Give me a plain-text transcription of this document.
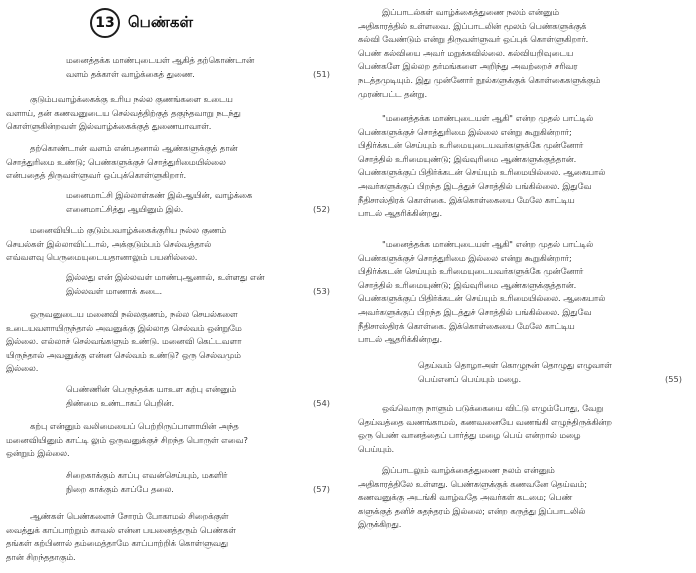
13 பெண்கள்
மனைத்தக்க மாண்புடையள் ஆகித் தற்கொண்டான்
வளம் தக்காள் வாழ்க்கைத் துணை.	(51)
குடும்பவாழ்க்கைக்கு உரிய நல்ல குணங்களை உடைய
வளாய், தன் கணவனுடைய செல்வத்திற்குத் தகுந்தவாறு நடந்து
கொள்ளுகின்றவள் இல்வாழ்க்கைக்குத் துணையாவாள்.
தற்கொண்டான் வளம் என்பதனால் ஆண்களுக்குத் தான்
சொத்துரிமை உண்டு; பெண்களுக்குச் சொத்துரிமையில்லை
என்பதைத் திருவள்ளுவர் ஒப்புக்கொள்ளுகிறார்.
மனைமாட்சி இல்லாள்கண் இல்ஆயின், வாழ்க்கை
எனைமாட்சித்து ஆயினும் இல்.	(52)
மனைவியிடம் குடும்பவாழ்க்கைக்குரிய நல்ல குணம்
செயல்கள் இல்லாவிட்டால், அக்குடும்பம் செல்வத்தால்
எவ்வளவு பெருமையுடையதானாலும் பயனில்லை.
இல்லது என் இல்லவள் மாண்புஆனால், உள்ளது என்
இல்லவள் மாணாக் கடை.	(53)
ஒருவனுடைய மனைவி நல்லகுணம், நல்ல செயல்களை
உடையவளாயிருந்தால் அவனுக்கு இல்லாத செல்வம் ஒன்றுமே
இல்லை. எல்லாச் செல்வங்களும் உண்டு. மனைவி கெட்டவளா
யிருந்தால் அவனுக்கு என்ன செல்வம் உண்டு? ஒரு செல்வமும்
இல்லை.
பெண்ணின் பெருந்தக்க யாஉள கற்பு என்னும்
திண்மை உண்டாகப் பெறின்.	(54)
கற்பு என்னும் வலிமையைப் பெற்றிருப்பாளாயின் அந்த
மனைவியினும் காட்டி லும் ஒருவனுக்குச் சிறந்த பொருள் எவை?
ஒன்றும் இல்லை.
சிறைகாக்கும் காப்பு எவன்செய்யும், மகளிர்
நிறை காக்கும் காப்பே தலை.	(57)
ஆண்கள் பெண்களைச் சோரம் போகாமல் சிறைக்குள்
வைத்துக் காப்பாற்றும் காவல் என்ன பயனைத்தரும் பெண்கள்
தங்கள் கற்பினால் தம்மைத்தாமே காப்பாற்றிக் கொள்ளுவது
தான் சிறந்ததாகும்.
இப்பாடல்கள் வாழ்க்கைத்துணை நலம் என்னும்
அதிகாரத்தில் உள்ளவை. இப்பாடலின் மூலம் பெண்களுக்குக்
கல்வி வேண்டும் என்று திருவள்ளுவர் ஒப்புக் கொள்ளுகிறார்.
பெண் கல்வியை அவர் மறுக்கவில்லை. கல்வியறிவுடைய
பெண்களே இல்லற தர்மங்களை அறிந்து அவற்றைச் சரிவர
நடத்தமுடியும். இது முன்னோர் நூல்களுக்குக் கொள்கைகளுக்கும்
முரண்பட்ட தன்று.
"மனைத்தக்க மாண்புடையள் ஆகி" என்ற முதல் பாட்டில்
பெண்களுக்குச் சொத்துரிமை இல்லை என்று கூறுகின்றார்;
பிதிர்க்கடன் செய்யும் உரிமையுடையவர்களுக்கே முன்னோர்
சொத்தில் உரிமையுண்டு; இவ்வுரிமை ஆண்களுக்குத்தான்.
பெண்களுக்குப் பிதிர்க்கடன் செய்யும் உரிமையில்லை. ஆகையால்
அவர்களுக்குப் பிறந்த இடத்துச் சொத்தில் பங்கில்லை. இதுவே
நீதிசாஸ்திரக் கொள்கை. இக்கொள்கையை மேலே காட்டிய
பாடல் ஆதரிக்கின்றது.
"மனைத்தக்க மாண்புடையள் ஆகி" என்ற முதல் பாட்டில்
பெண்களுக்குச் சொத்துரிமை இல்லை என்று கூறுகின்றார்;
பிதிர்க்கடன் செய்யும் உரிமையுடையவர்களுக்கே முன்னோர்
சொத்தில் உரிமையுண்டு; இவ்வுரிமை ஆண்களுக்குத்தான்.
பெண்களுக்குப் பிதிர்க்கடன் செய்யும் உரிமையில்லை. ஆகையால்
அவர்களுக்குப் பிறந்த இடத்துச் சொத்தில் பங்கில்லை. இதுவே
நீதிசாஸ்திரக் கொள்கை. இக்கொள்கையை மேலே காட்டிய
பாடல் ஆதரிக்கின்றது.
தெய்வம் தொழாஅள் கொழுநன் தொழுது எழுவாள்
பெய்எனப் பெய்யும் மழை.	(55)
ஒவ்வொரு நாளும் படுக்கையை விட்டு எழும்போது, வேறு
தெய்வத்தை வணங்காமல், கணவனையே வணங்கி எழுந்திருக்கின்ற
ஒரு பெண் வானத்தைப் பார்த்து மழை பெய் என்றால் மழை
பெய்யும்.
இப்பாடலும் வாழ்க்கைத்துணை நலம் என்னும்
அதிகாரத்திலே உள்ளது. பெண்களுக்குக் கணவனே தெய்வம்;
கணவனுக்கு அடங்கி வாழ்வதே அவர்கள் கடமை; பெண்
களுக்குத் தனிச் சுதந்தரம் இல்லை; என்ற கருத்து இப்பாடலில்
இருக்கிறது.
